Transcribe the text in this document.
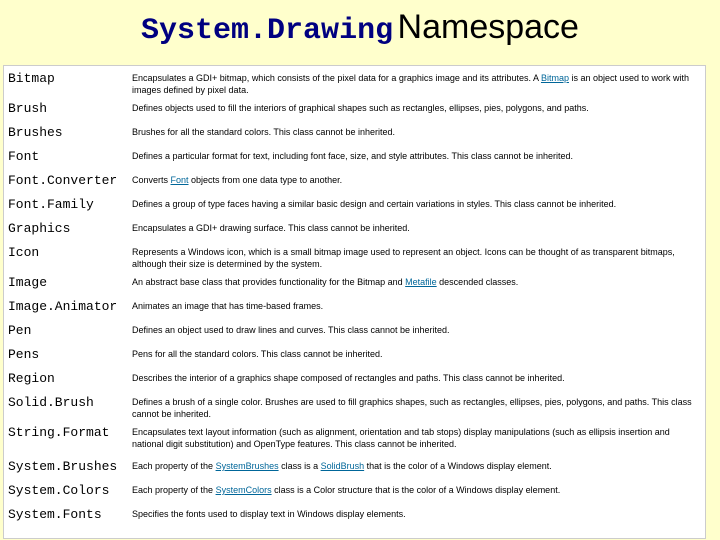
System.Drawing Namespace
Bitmap	Encapsulates a GDI+ bitmap, which consists of the pixel data for a graphics image and its attributes. A Bitmap is an object used to work with images defined by pixel data.
Brush	Defines objects used to fill the interiors of graphical shapes such as rectangles, ellipses, pies, polygons, and paths.
Brushes	Brushes for all the standard colors. This class cannot be inherited.
Font	Defines a particular format for text, including font face, size, and style attributes. This class cannot be inherited.
Font.Converter Converts Font objects from one data type to another.
Font.Family	Defines a group of type faces having a similar basic design and certain variations in styles. This class cannot be inherited.
Graphics	Encapsulates a GDI+ drawing surface. This class cannot be inherited.
Icon	Represents a Windows icon, which is a small bitmap image used to represent an object. Icons can be thought of as transparent bitmaps, although their size is determined by the system.
Image	An abstract base class that provides functionality for the Bitmap and Metafile descended classes.
Image.Animator Animates an image that has time-based frames.
Pen	Defines an object used to draw lines and curves. This class cannot be inherited.
Pens	Pens for all the standard colors. This class cannot be inherited.
Region	Describes the interior of a graphics shape composed of rectangles and paths. This class cannot be inherited.
Solid.Brush	Defines a brush of a single color. Brushes are used to fill graphics shapes, such as rectangles, ellipses, pies, polygons, and paths. This class cannot be inherited.
String.Format	Encapsulates text layout information (such as alignment, orientation and tab stops) display manipulations (such as ellipsis insertion and national digit substitution) and OpenType features. This class cannot be inherited.
System.Brushes Each property of the SystemBrushes class is a SolidBrush that is the color of a Windows display element.
System.Colors	Each property of the SystemColors class is a Color structure that is the color of a Windows display element.
System.Fonts	Specifies the fonts used to display text in Windows display elements.
